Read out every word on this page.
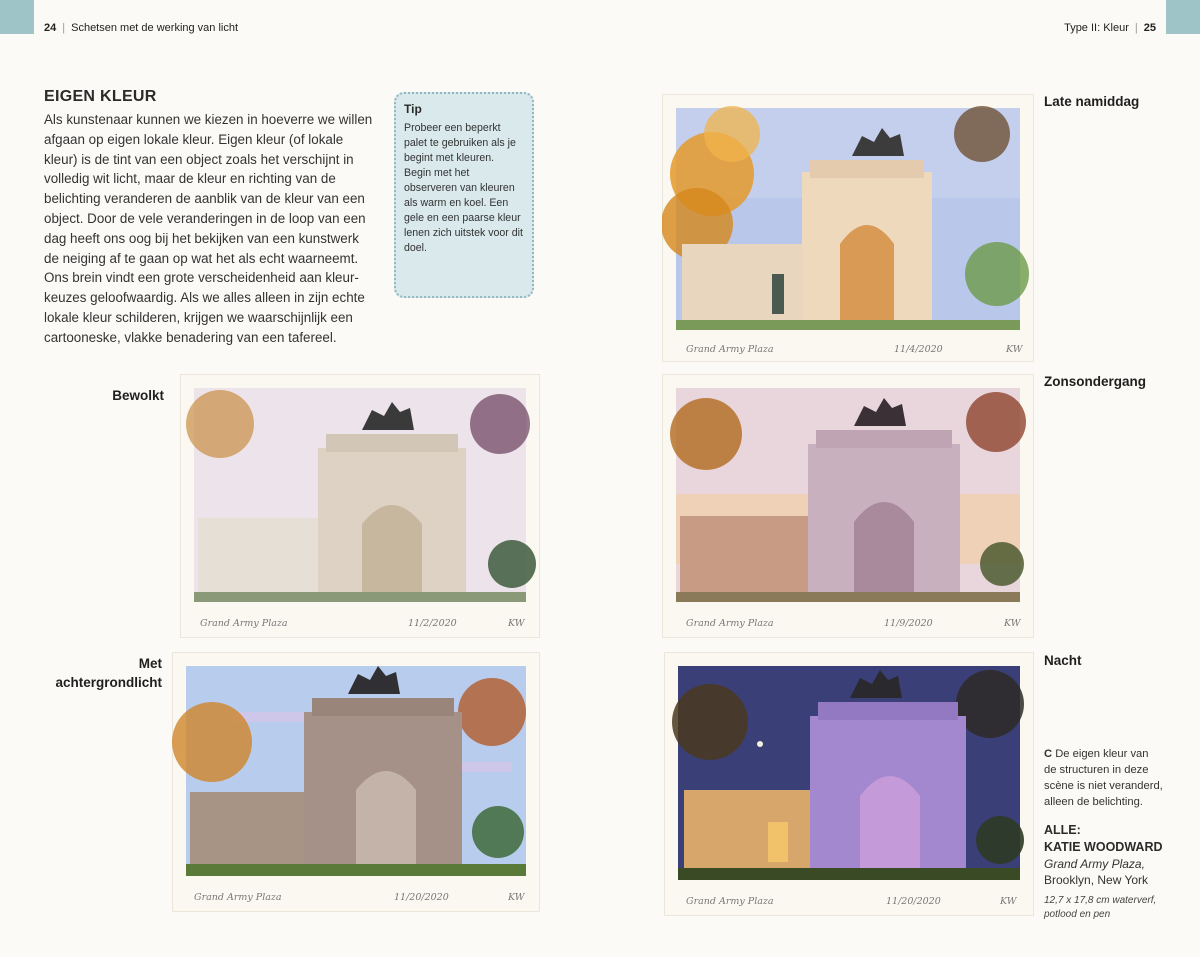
24 | Schetsen met de werking van licht	Type II: Kleur | 25
EIGEN KLEUR
Als kunstenaar kunnen we kiezen in hoeverre we willen afgaan op eigen lokale kleur. Eigen kleur (of lokale kleur) is de tint van een object zoals het verschijnt in volledig wit licht, maar de kleur en richting van de belichting veranderen de aanblik van de kleur van een object. Door de vele veranderingen in de loop van een dag heeft ons oog bij het bekijken van een kunstwerk de neiging af te gaan op wat het als echt waarneemt. Ons brein vindt een grote verscheidenheid aan kleur-keuzes geloofwaardig. Als we alles alleen in zijn echte lokale kleur schilderen, krijgen we waarschijnlijk een cartooneske, vlakke benadering van een tafereel.
Tip
Probeer een beperkt palet te gebruiken als je begint met kleuren. Begin met het observeren van kleuren als warm en koel. Een gele en een paarse kleur lenen zich uitstek voor dit doel.
Late namiddag
Bewolkt
Zonsondergang
Met
achtergrondlicht
Nacht
Grand Army Plaza	11/4/2020	KW
Grand Army Plaza	11/2/2020	KW	Grand Army Plaza	11/9/2020	KW
Grand Army Plaza	11/20/2020	KW	Grand Army Plaza	11/20/2020	KW
C De eigen kleur van de structuren in deze scène is niet veranderd, alleen de belichting.
ALLE:
KATIE WOODWARD
Grand Army Plaza,
Brooklyn, New York
12,7 x 17,8 cm waterverf, potlood en pen
